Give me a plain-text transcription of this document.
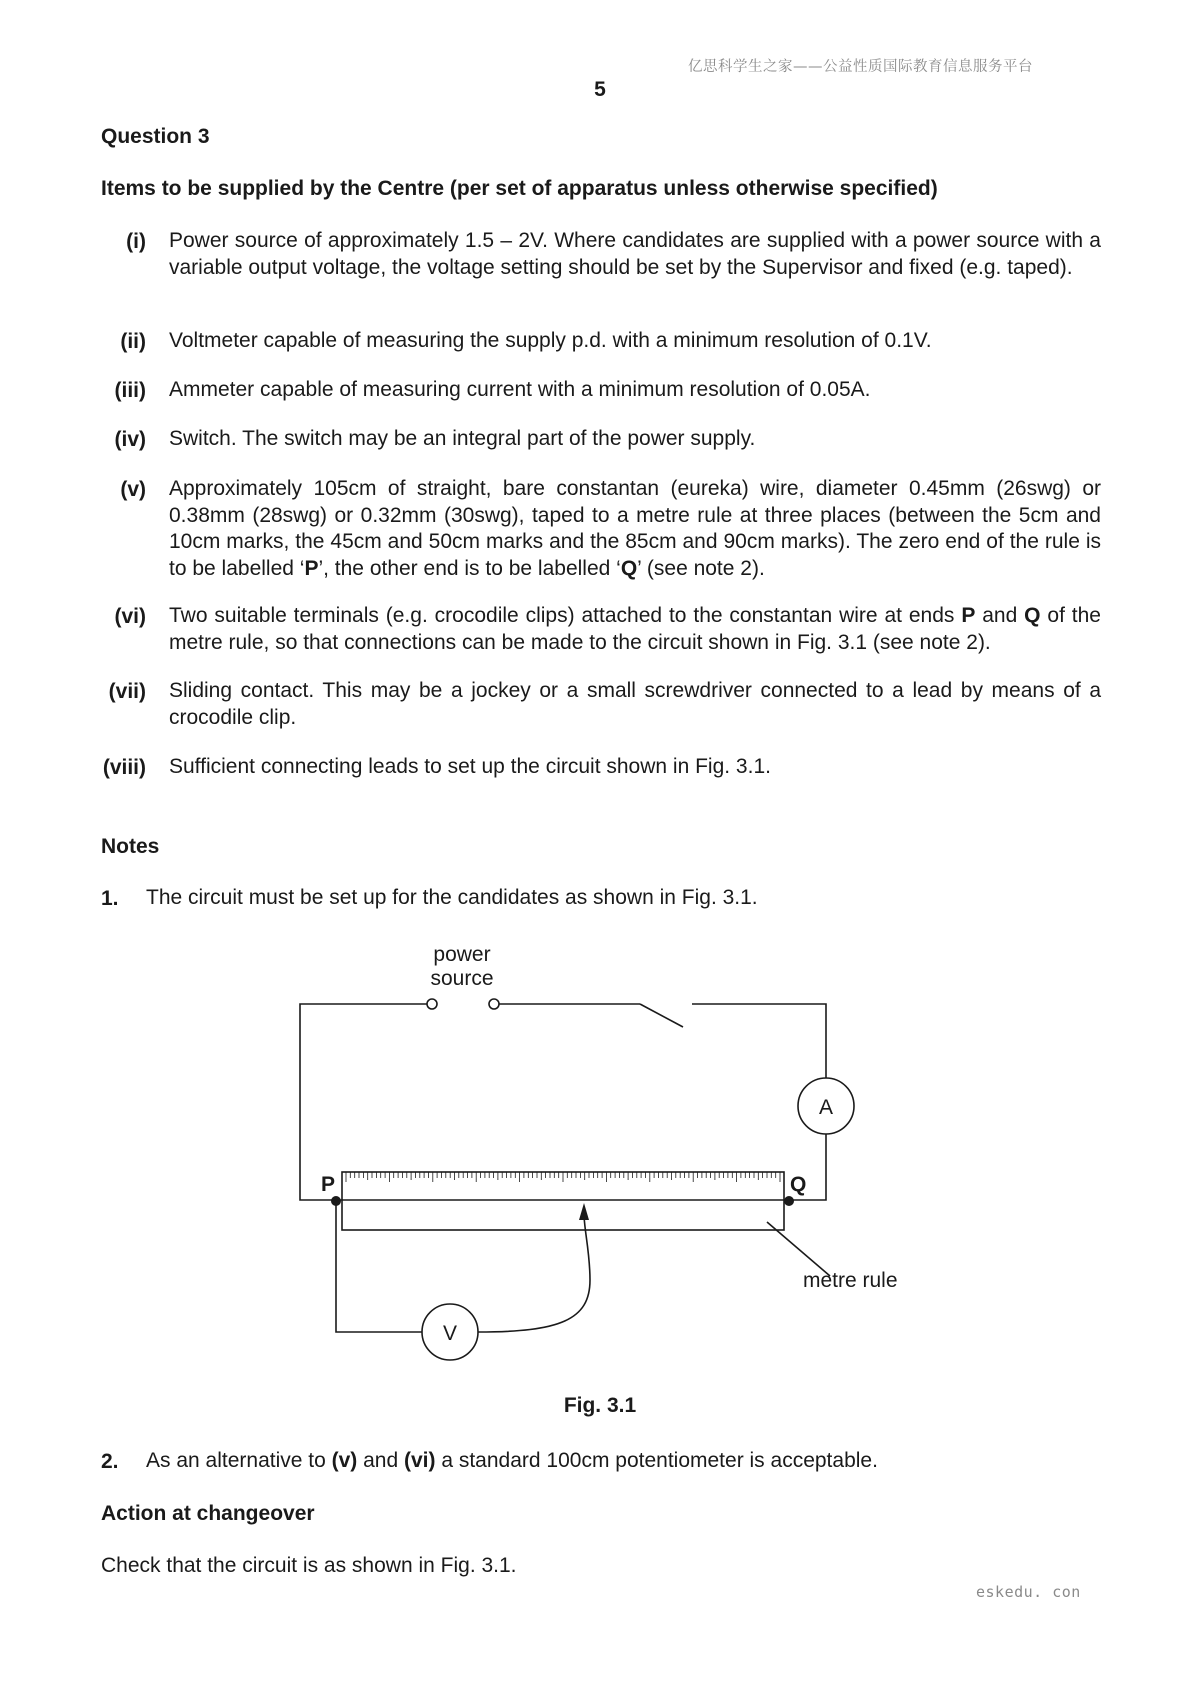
亿思科学生之家——公益性质国际教育信息服务平台
5
Question 3
Items to be supplied by the Centre (per set of apparatus unless otherwise specified)
(i) Power source of approximately 1.5 – 2V. Where candidates are supplied with a power source with a variable output voltage, the voltage setting should be set by the Supervisor and fixed (e.g. taped).
(ii) Voltmeter capable of measuring the supply p.d. with a minimum resolution of 0.1V.
(iii) Ammeter capable of measuring current with a minimum resolution of 0.05A.
(iv) Switch. The switch may be an integral part of the power supply.
(v) Approximately 105cm of straight, bare constantan (eureka) wire, diameter 0.45mm (26swg) or 0.38mm (28swg) or 0.32mm (30swg), taped to a metre rule at three places (between the 5cm and 10cm marks, the 45cm and 50cm marks and the 85cm and 90cm marks). The zero end of the rule is to be labelled ‘P’, the other end is to be labelled ‘Q’ (see note 2).
(vi) Two suitable terminals (e.g. crocodile clips) attached to the constantan wire at ends P and Q of the metre rule, so that connections can be made to the circuit shown in Fig. 3.1 (see note 2).
(vii) Sliding contact. This may be a jockey or a small screwdriver connected to a lead by means of a crocodile clip.
(viii) Sufficient connecting leads to set up the circuit shown in Fig. 3.1.
Notes
1. The circuit must be set up for the candidates as shown in Fig. 3.1.
power
source
A
V
P	Q
metre rule
Fig. 3.1
2. As an alternative to (v) and (vi) a standard 100cm potentiometer is acceptable.
Action at changeover
Check that the circuit is as shown in Fig. 3.1.
eskedu. con
